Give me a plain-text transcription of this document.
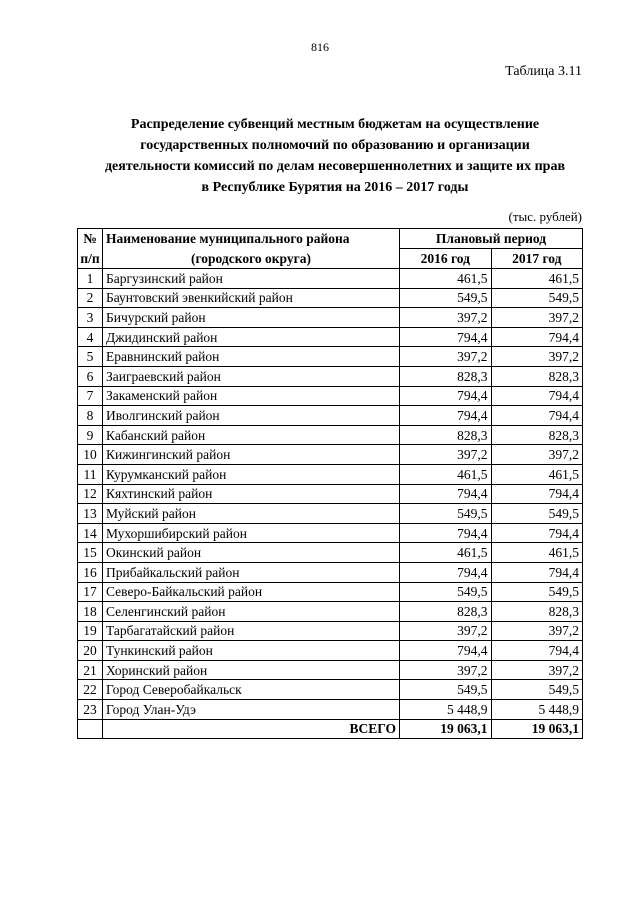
816
Таблица 3.11
Распределение субвенций местным бюджетам на осуществление
государственных полномочий по образованию и организации
деятельности комиссий по делам несовершеннолетних и защите их прав
в Республике Бурятия на 2016 – 2017 годы
(тыс. рублей)
№	Наименование муниципального района	Плановый период	
п/п	(городского округа)	2016 год	2017 год
1	Баргузинский район	461,5	461,5
2	Баунтовский эвенкийский район	549,5	549,5
3	Бичурский район	397,2	397,2
4	Джидинский район	794,4	794,4
5	Еравнинский район	397,2	397,2
6	Заиграевский район	828,3	828,3
7	Закаменский район	794,4	794,4
8	Иволгинский район	794,4	794,4
9	Кабанский район	828,3	828,3
10	Кижингинский район	397,2	397,2
11	Курумканский район	461,5	461,5
12	Кяхтинский район	794,4	794,4
13	Муйский район	549,5	549,5
14	Мухоршибирский район	794,4	794,4
15	Окинский район	461,5	461,5
16	Прибайкальский район	794,4	794,4
17	Северо-Байкальский район	549,5	549,5
18	Селенгинский район	828,3	828,3
19	Тарбагатайский район	397,2	397,2
20	Тункинский район	794,4	794,4
21	Хоринский район	397,2	397,2
22	Город Северобайкальск	549,5	549,5
23	Город Улан-Удэ	5 448,9	5 448,9
	ВСЕГО	19 063,1	19 063,1
